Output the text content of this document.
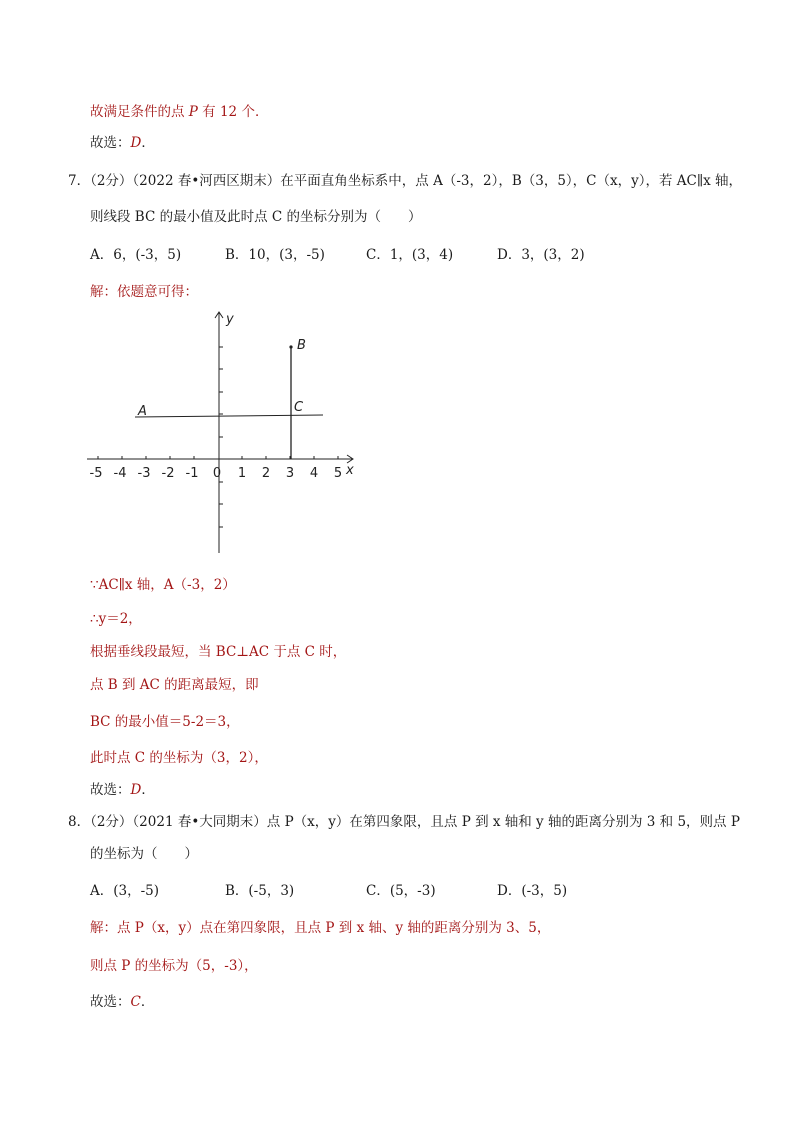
故满足条件的点 P 有 12 个．
故选：D．
7．（2分）（2022 春•河西区期末）在平面直角坐标系中，点 A（-3，2），B（3，5），C（x，y），若 AC∥x 轴，
则线段 BC 的最小值及此时点 C 的坐标分别为（　　）
A．6，(-3，5)	B．10，(3，-5)	C．1，(3，4)	D．3，(3，2)
解：依题意可得：
-5 -4 -3 -2 -1 0 1 2 3 4 5 x
y
A
B
C
∵AC∥x 轴，A（-3，2）
∴y＝2，
根据垂线段最短，当 BC⊥AC 于点 C 时，
点 B 到 AC 的距离最短，即
BC 的最小值＝5-2＝3，
此时点 C 的坐标为（3，2），
故选：D．
8．（2分）（2021 春•大同期末）点 P（x，y）在第四象限，且点 P 到 x 轴和 y 轴的距离分别为 3 和 5，则点 P
的坐标为（　　）
A．(3，-5)	B．(-5，3)	C．(5，-3)	D．(-3，5)
解：点 P（x，y）点在第四象限，且点 P 到 x 轴、y 轴的距离分别为 3、5，
则点 P 的坐标为（5，-3），
故选：C．
